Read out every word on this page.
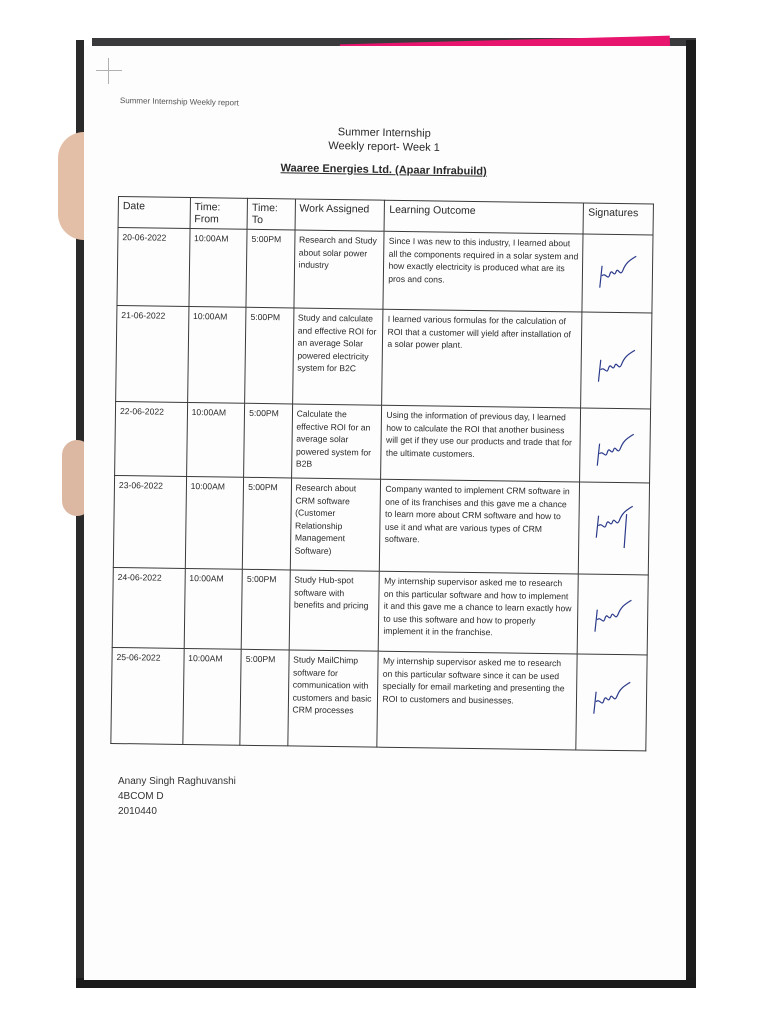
Summer Internship Weekly report
Summer Internship
Weekly report- Week 1
Waaree Energies Ltd. (Apaar Infrabuild)
Date	Time: From	Time: To	Work Assigned	Learning Outcome	Signatures
20-06-2022	10:00AM	5:00PM	Research and Study about solar power industry	Since I was new to this industry, I learned about all the components required in a solar system and how exactly electricity is produced what are its pros and cons.	

21-06-2022	10:00AM	5:00PM	Study and calculate and effective ROI for an average Solar powered electricity system for B2C	I learned various formulas for the calculation of ROI that a customer will yield after installation of a solar power plant.	

22-06-2022	10:00AM	5:00PM	Calculate the effective ROI for an average solar powered system for B2B	Using the information of previous day, I learned how to calculate the ROI that another business will get if they use our products and trade that for the ultimate customers.	

23-06-2022	10:00AM	5:00PM	Research about CRM software (Customer Relationship Management Software)	Company wanted to implement CRM software in one of its franchises and this gave me a chance to learn more about CRM software and how to use it and what are various types of CRM software.	

24-06-2022	10:00AM	5:00PM	Study Hub-spot software with benefits and pricing	My internship supervisor asked me to research on this particular software and how to implement it and this gave me a chance to learn exactly how to use this software and how to properly implement it in the franchise.	

25-06-2022	10:00AM	5:00PM	Study MailChimp software for communication with customers and basic CRM processes	My internship supervisor asked me to research on this particular software since it can be used specially for email marketing and presenting the ROI to customers and businesses.	
Anany Singh Raghuvanshi
4BCOM D
2010440
